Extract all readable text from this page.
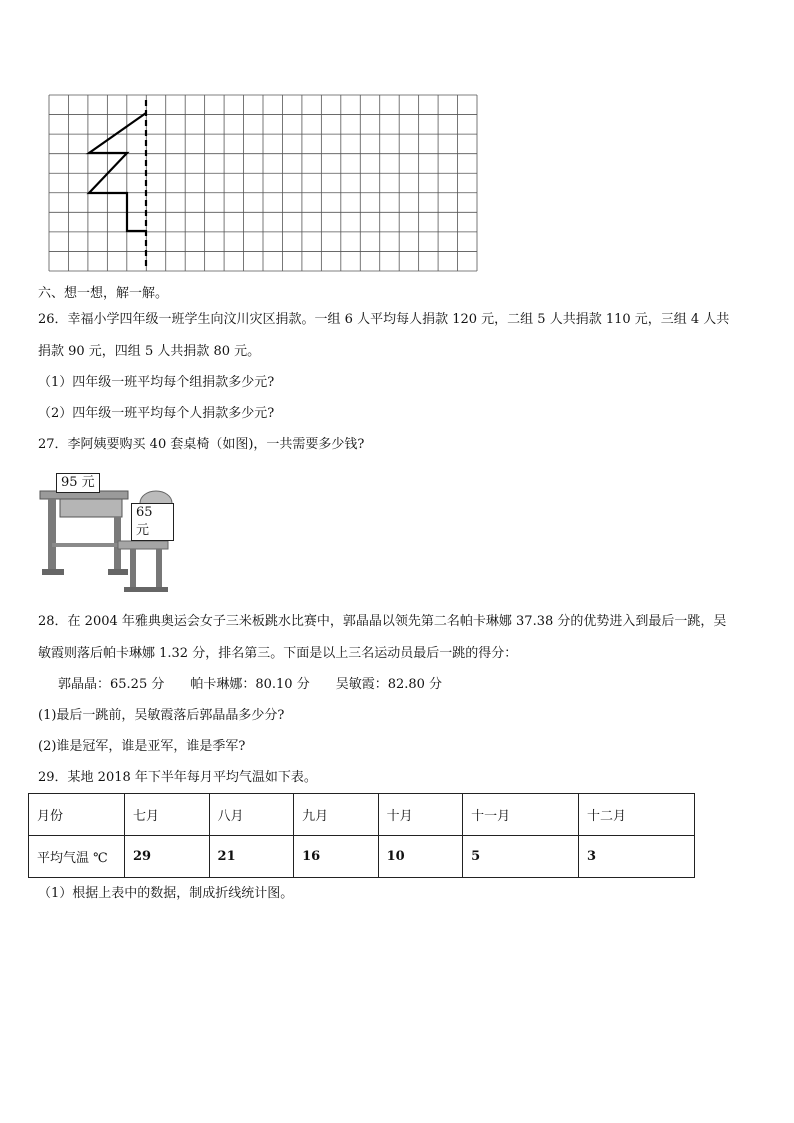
六、想一想，解一解。
26．幸福小学四年级一班学生向汶川灾区捐款。一组 6 人平均每人捐款 120 元，二组 5 人共捐款 110 元，三组 4 人共
捐款 90 元，四组 5 人共捐款 80 元。
（1）四年级一班平均每个组捐款多少元?
（2）四年级一班平均每个人捐款多少元?
27．李阿姨要购买 40 套桌椅（如图)，一共需要多少钱?
95 元
65 元
28．在 2004 年雅典奥运会女子三米板跳水比赛中，郭晶晶以领先第二名帕卡琳娜 37.38 分的优势进入到最后一跳，吴
敏霞则落后帕卡琳娜 1.32 分，排名第三。下面是以上三名运动员最后一跳的得分：
郭晶晶：65.25 分　　帕卡琳娜：80.10 分　　吴敏霞：82.80 分
(1)最后一跳前，吴敏霞落后郭晶晶多少分?
(2)谁是冠军，谁是亚军，谁是季军?
29．某地 2018 年下半年每月平均气温如下表。
月份	七月	八月	九月	十月	十一月	十二月
平均气温 ℃	29	21	16	10	5	3
（1）根据上表中的数据，制成折线统计图。
